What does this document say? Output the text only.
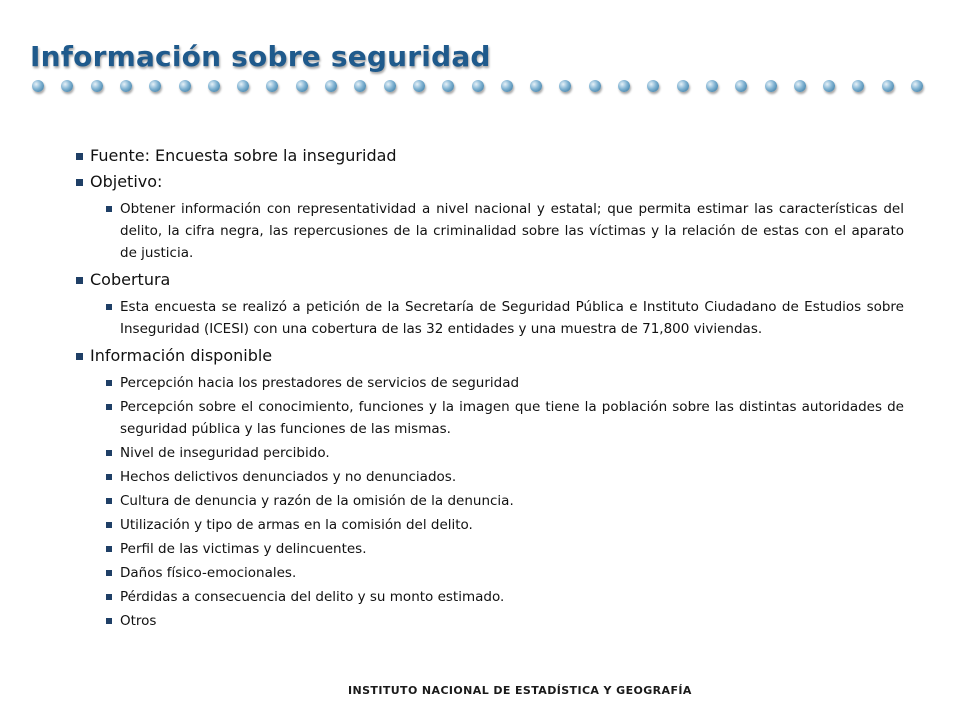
Información sobre seguridad
Fuente: Encuesta sobre la inseguridad
Objetivo:
Obtener información con representatividad a nivel nacional y estatal; que permita estimar las características del delito, la cifra negra, las repercusiones de la criminalidad sobre las víctimas y la relación de estas con el aparato de justicia.
Cobertura
Esta encuesta se realizó a petición de la Secretaría de Seguridad Pública e Instituto Ciudadano de Estudios sobre Inseguridad (ICESI) con una cobertura de las 32 entidades y una muestra de 71,800 viviendas.
Información disponible
Percepción hacia los prestadores de servicios de seguridad
Percepción sobre el conocimiento, funciones y la imagen que tiene la población sobre las distintas autoridades de seguridad pública y las funciones de las mismas.
Nivel de inseguridad percibido.
Hechos delictivos denunciados y no denunciados.
Cultura de denuncia y razón de la omisión de la denuncia.
Utilización y tipo de armas en la comisión del delito.
Perfil de las victimas y delincuentes.
Daños físico-emocionales.
Pérdidas a consecuencia del delito y su monto estimado.
Otros
INSTITUTO NACIONAL DE ESTADÍSTICA Y GEOGRAFÍA
